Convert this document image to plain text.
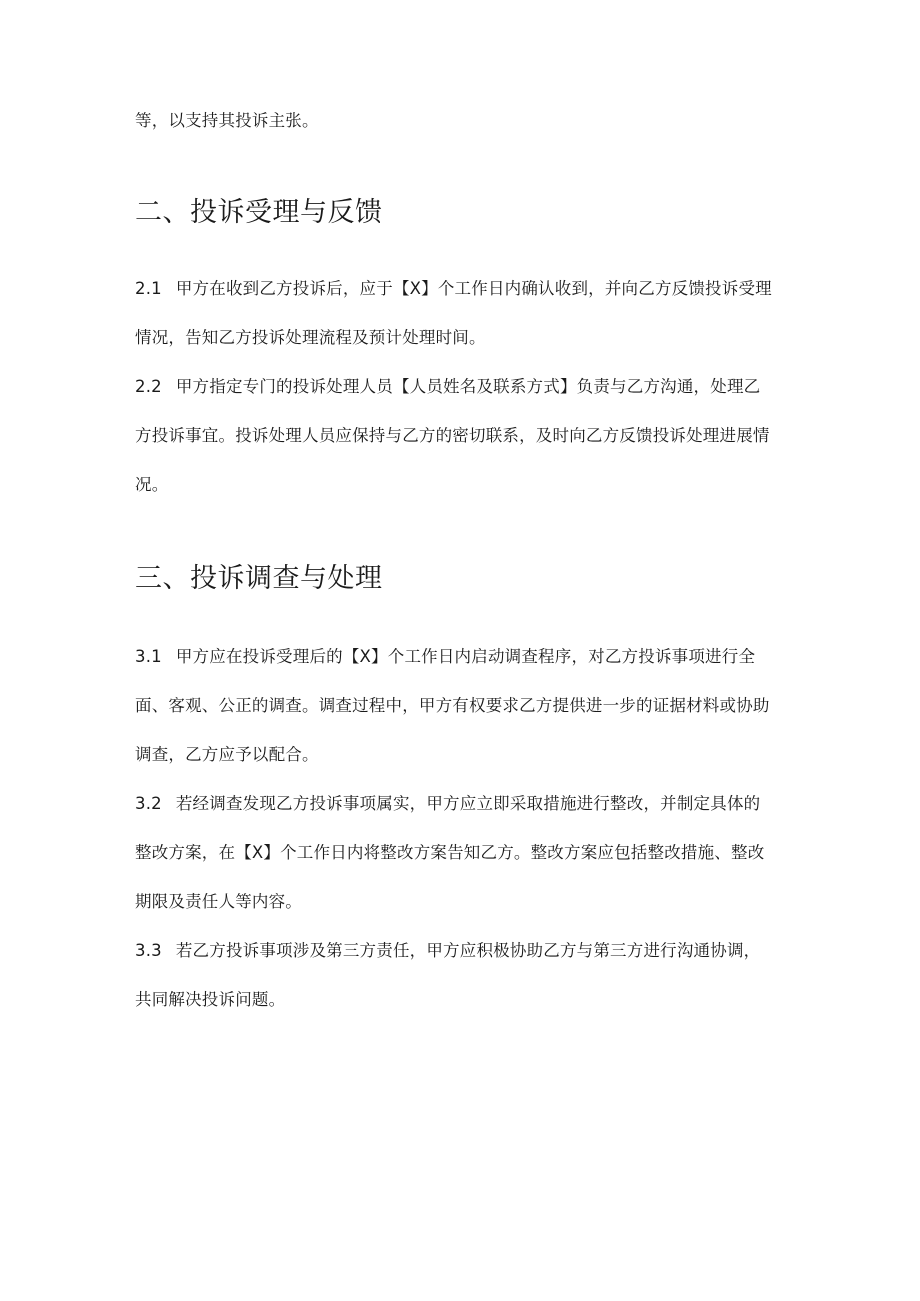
等，以支持其投诉主张。

二、投诉受理与反馈

2.1 甲方在收到乙方投诉后，应于【X】个工作日内确认收到，并向乙方反馈投诉受理情况，告知乙方投诉处理流程及预计处理时间。

2.2 甲方指定专门的投诉处理人员【人员姓名及联系方式】负责与乙方沟通，处理乙方投诉事宜。投诉处理人员应保持与乙方的密切联系，及时向乙方反馈投诉处理进展情况。

三、投诉调查与处理

3.1 甲方应在投诉受理后的【X】个工作日内启动调查程序，对乙方投诉事项进行全面、客观、公正的调查。调查过程中，甲方有权要求乙方提供进一步的证据材料或协助调查，乙方应予以配合。

3.2 若经调查发现乙方投诉事项属实，甲方应立即采取措施进行整改，并制定具体的整改方案，在【X】个工作日内将整改方案告知乙方。整改方案应包括整改措施、整改期限及责任人等内容。

3.3 若乙方投诉事项涉及第三方责任，甲方应积极协助乙方与第三方进行沟通协调，共同解决投诉问题。
